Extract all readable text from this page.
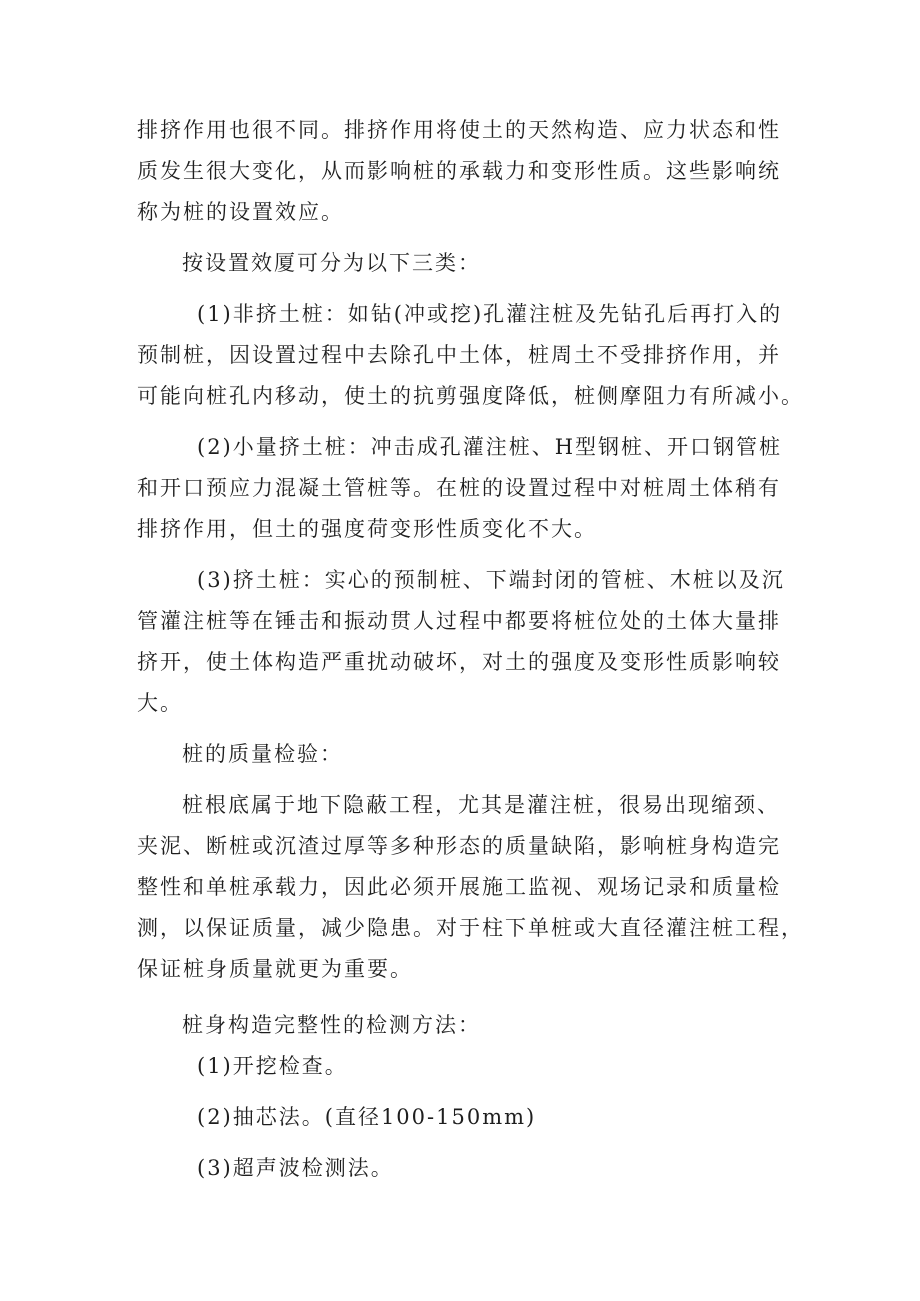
排挤作用也很不同。排挤作用将使土的天然构造、应力状态和性
质发生很大变化，从而影响桩的承载力和变形性质。这些影响统
称为桩的设置效应。
按设置效厦可分为以下三类：
(1)非挤土桩：如钻(冲或挖)孔灌注桩及先钻孔后再打入的
预制桩，因设置过程中去除孔中土体，桩周土不受排挤作用，并
可能向桩孔内移动，使土的抗剪强度降低，桩侧摩阻力有所减小。
(2)小量挤土桩：冲击成孔灌注桩、H型钢桩、开口钢管桩
和开口预应力混凝土管桩等。在桩的设置过程中对桩周土体稍有
排挤作用，但土的强度荷变形性质变化不大。
(3)挤土桩：实心的预制桩、下端封闭的管桩、木桩以及沉
管灌注桩等在锤击和振动贯人过程中都要将桩位处的土体大量排
挤开，使土体构造严重扰动破坏，对土的强度及变形性质影响较
大。
桩的质量检验：
桩根底属于地下隐蔽工程，尤其是灌注桩，很易出现缩颈、
夹泥、断桩或沉渣过厚等多种形态的质量缺陷，影响桩身构造完
整性和单桩承载力，因此必须开展施工监视、观场记录和质量检
测，以保证质量，减少隐患。对于柱下单桩或大直径灌注桩工程，
保证桩身质量就更为重要。
桩身构造完整性的检测方法：
(1)开挖检查。
(2)抽芯法。(直径100-150mm)
(3)超声波检测法。
